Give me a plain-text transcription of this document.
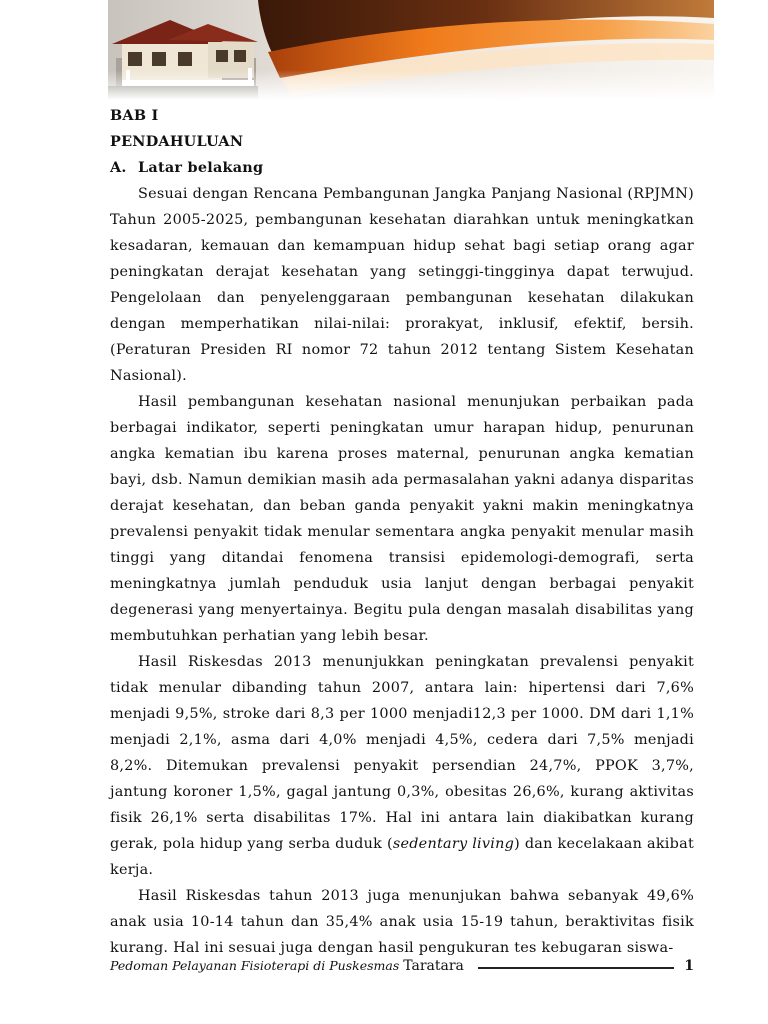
BAB I

PENDAHULUAN

A. Latar belakang

Sesuai dengan Rencana Pembangunan Jangka Panjang Nasional (RPJMN) Tahun 2005-2025, pembangunan kesehatan diarahkan untuk meningkatkan kesadaran, kemauan dan kemampuan hidup sehat bagi setiap orang agar peningkatan derajat kesehatan yang setinggi-tingginya dapat terwujud. Pengelolaan dan penyelenggaraan pembangunan kesehatan dilakukan dengan memperhatikan nilai-nilai: prorakyat, inklusif, efektif, bersih. (Peraturan Presiden RI nomor 72 tahun 2012 tentang Sistem Kesehatan Nasional).

Hasil pembangunan kesehatan nasional menunjukan perbaikan pada berbagai indikator, seperti peningkatan umur harapan hidup, penurunan angka kematian ibu karena proses maternal, penurunan angka kematian bayi, dsb. Namun demikian masih ada permasalahan yakni adanya disparitas derajat kesehatan, dan beban ganda penyakit yakni makin meningkatnya prevalensi penyakit tidak menular sementara angka penyakit menular masih tinggi yang ditandai fenomena transisi epidemologi-demografi, serta meningkatnya jumlah penduduk usia lanjut dengan berbagai penyakit degenerasi yang menyertainya. Begitu pula dengan masalah disabilitas yang membutuhkan perhatian yang lebih besar.

Hasil Riskesdas 2013 menunjukkan peningkatan prevalensi penyakit tidak menular dibanding tahun 2007, antara lain: hipertensi dari 7,6% menjadi 9,5%, stroke dari 8,3 per 1000 menjadi12,3 per 1000. DM dari 1,1% menjadi 2,1%, asma dari 4,0% menjadi 4,5%, cedera dari 7,5% menjadi 8,2%. Ditemukan prevalensi penyakit persendian 24,7%, PPOK 3,7%, jantung koroner 1,5%, gagal jantung 0,3%, obesitas 26,6%, kurang aktivitas fisik 26,1% serta disabilitas 17%. Hal ini antara lain diakibatkan kurang gerak, pola hidup yang serba duduk (sedentary living) dan kecelakaan akibat kerja.

Hasil Riskesdas tahun 2013 juga menunjukan bahwa sebanyak 49,6% anak usia 10-14 tahun dan 35,4% anak usia 15-19 tahun, beraktivitas fisik kurang. Hal ini sesuai juga dengan hasil pengukuran tes kebugaran siswa-

Pedoman Pelayanan Fisioterapi di Puskesmas Taratara	1
